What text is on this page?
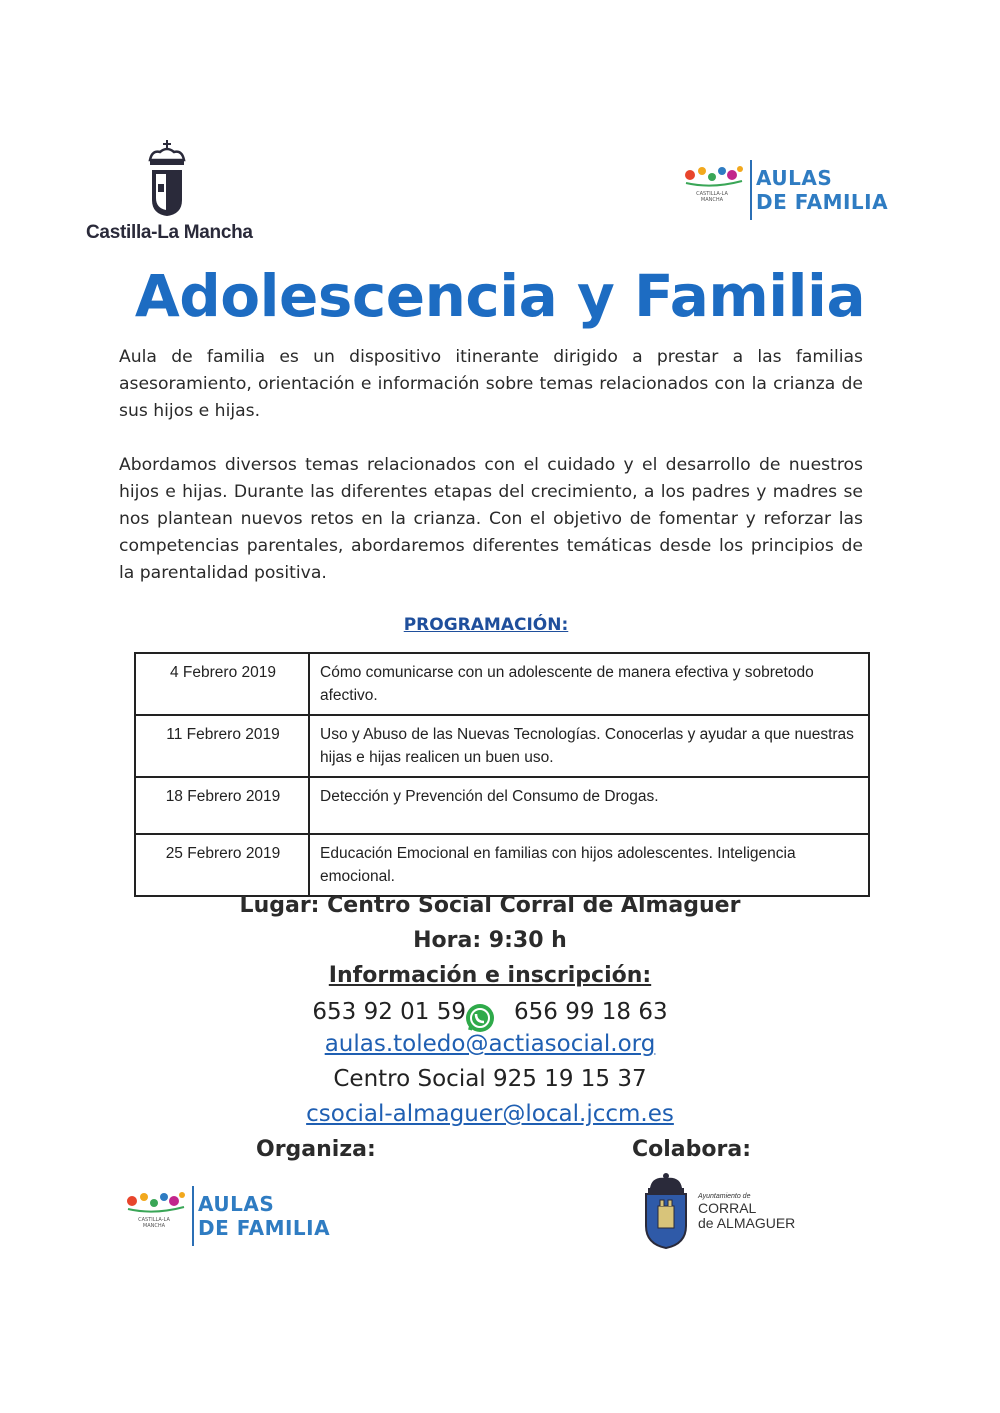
Castilla-La Mancha
CASTILLA-LA MANCHA
AULAS
DE FAMILIA
Adolescencia y Familia

Aula de familia es un dispositivo itinerante dirigido a prestar a las familias asesoramiento, orientación e información sobre temas relacionados con la crianza de sus hijos e hijas.

Abordamos diversos temas relacionados con el cuidado y el desarrollo de nuestros hijos e hijas. Durante las diferentes etapas del crecimiento, a los padres y madres se nos plantean nuevos retos en la crianza. Con el objetivo de fomentar y reforzar las competencias parentales, abordaremos diferentes temáticas desde los principios de la parentalidad positiva.

PROGRAMACIÓN:

4 Febrero 2019	Cómo comunicarse con un adolescente de manera efectiva y sobretodo afectivo.
11 Febrero 2019	Uso y Abuso de las Nuevas Tecnologías. Conocerlas y ayudar a que nuestras hijas e hijas realicen un buen uso.
18 Febrero 2019	Detección y Prevención del Consumo de Drogas.
25 Febrero 2019	Educación Emocional en familias con hijos adolescentes. Inteligencia emocional.

Lugar: Centro Social Corral de Almaguer

Hora: 9:30 h

Información e inscripción:

653 92 01 59 656 99 18 63

aulas.toledo@actiasocial.org

Centro Social 925 19 15 37

csocial-almaguer@local.jccm.es

Organiza:	Colabora:

CASTILLA-LA MANCHA
AULAS
DE FAMILIA
Ayuntamiento de
CORRAL
de ALMAGUER
